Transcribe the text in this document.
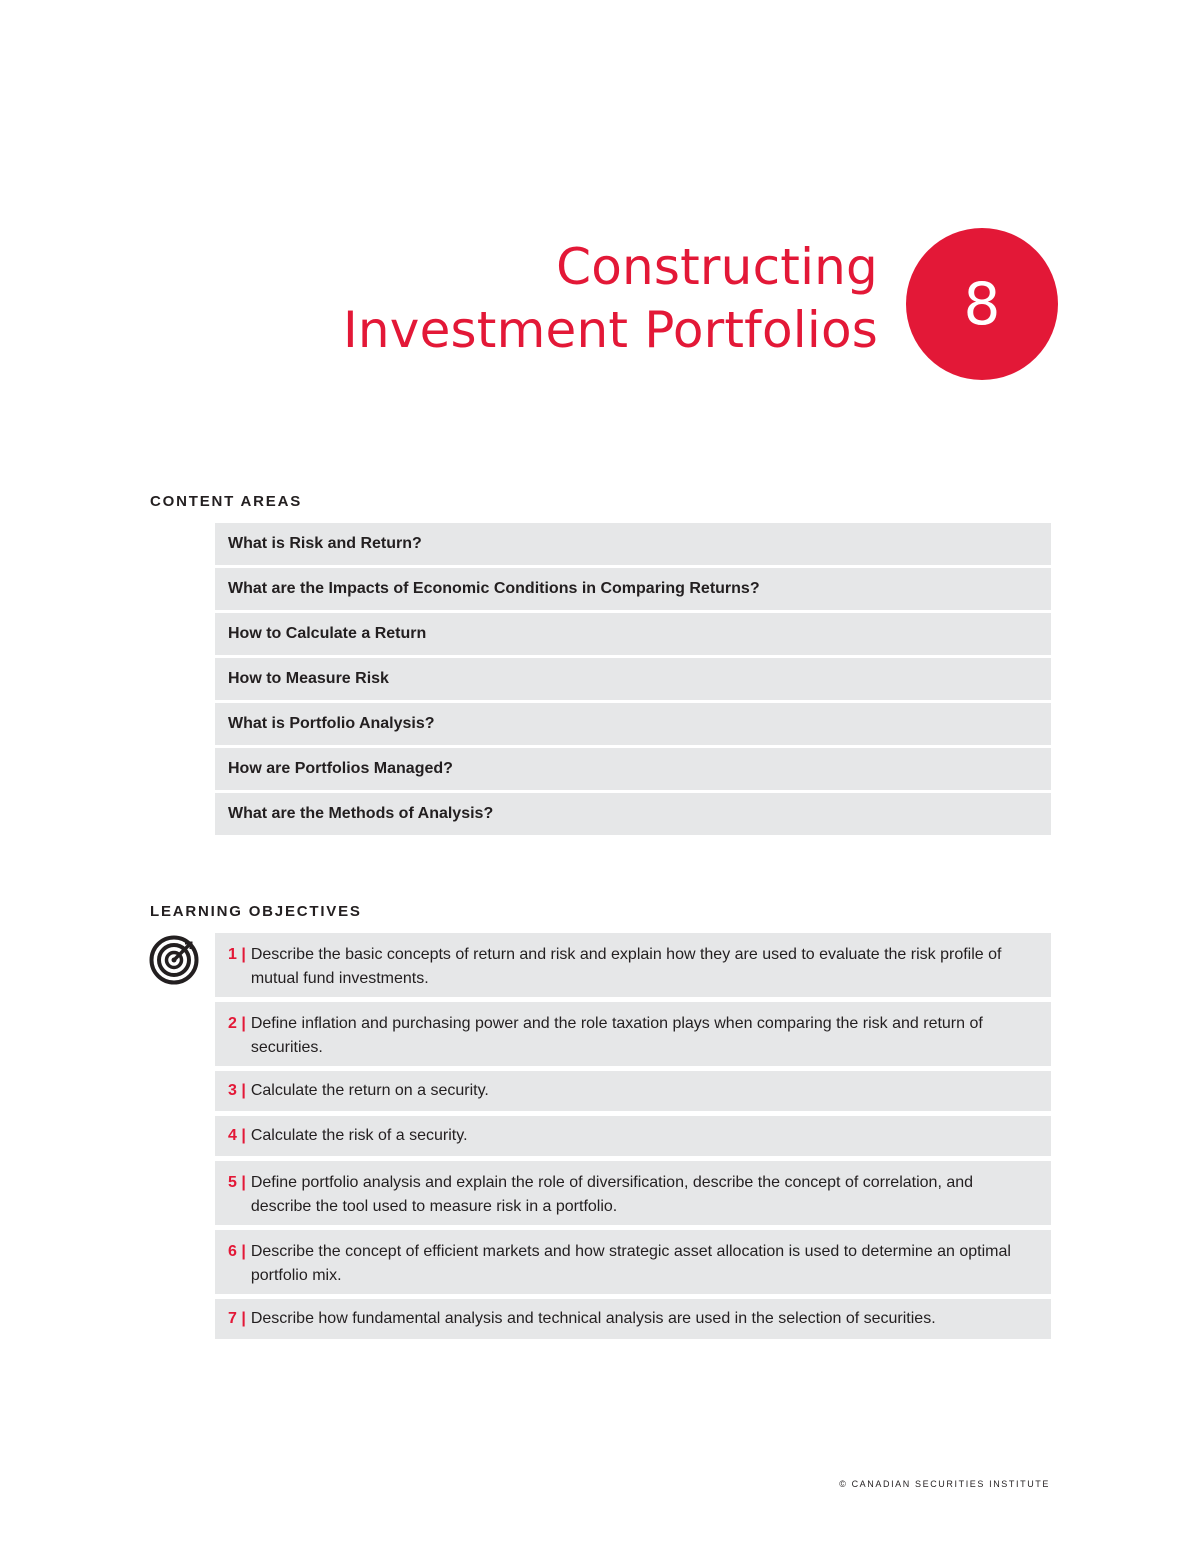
Constructing
Investment Portfolios 8
CONTENT AREAS
What is Risk and Return?
What are the Impacts of Economic Conditions in Comparing Returns?
How to Calculate a Return
How to Measure Risk
What is Portfolio Analysis?
How are Portfolios Managed?
What are the Methods of Analysis?
LEARNING OBJECTIVES
1 | Describe the basic concepts of return and risk and explain how they are used to evaluate the risk profile of mutual fund investments.
2 | Define inflation and purchasing power and the role taxation plays when comparing the risk and return of securities.
3 | Calculate the return on a security.
4 | Calculate the risk of a security.
5 | Define portfolio analysis and explain the role of diversification, describe the concept of correlation, and describe the tool used to measure risk in a portfolio.
6 | Describe the concept of efficient markets and how strategic asset allocation is used to determine an optimal portfolio mix.
7 | Describe how fundamental analysis and technical analysis are used in the selection of securities.
© CANADIAN SECURITIES INSTITUTE
